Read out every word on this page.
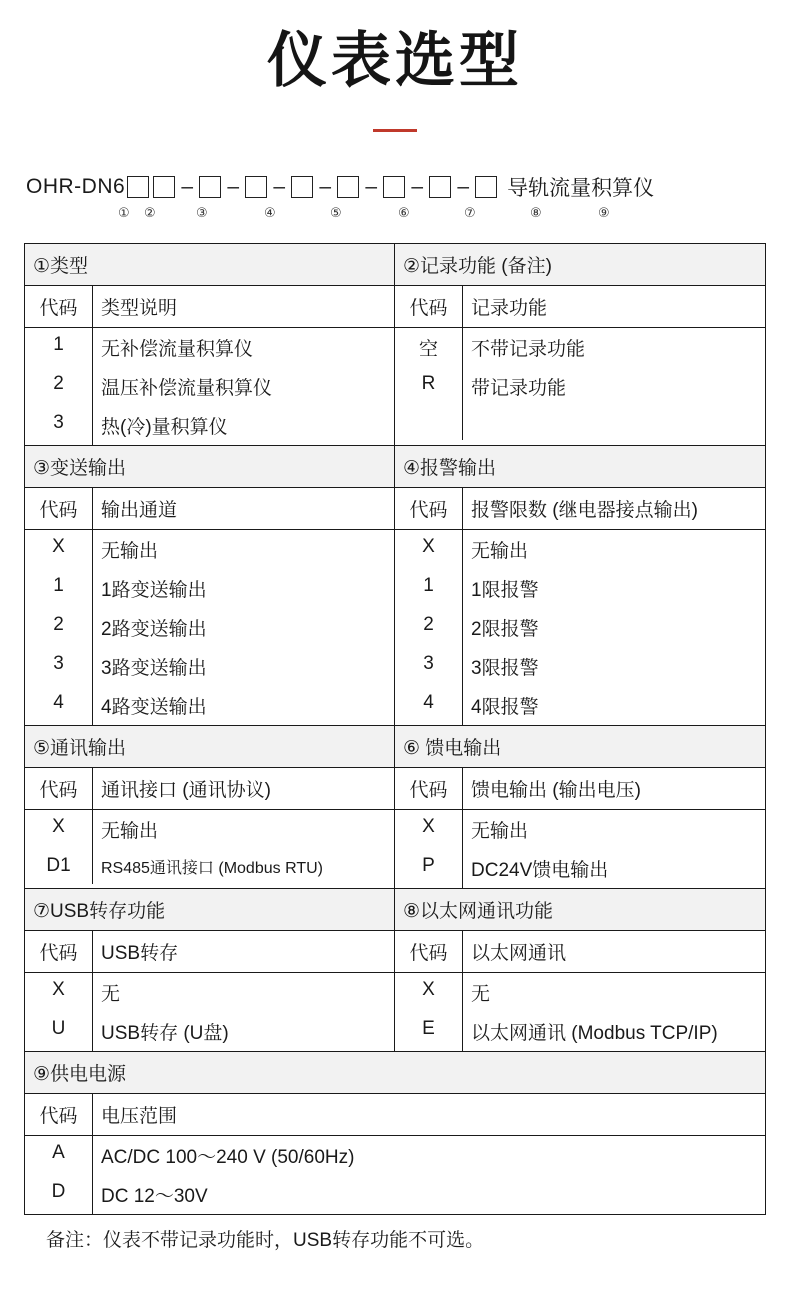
仪表选型
OHR-DN6	– – – – – – – 导轨流量积算仪
① ②	③	④	⑤	⑥	⑦	⑧	⑨
①类型
代码	类型说明
1	无补偿流量积算仪
2	温压补偿流量积算仪
3	热(冷)量积算仪
②记录功能 (备注)
代码	记录功能
空	不带记录功能
R	带记录功能

③变送输出
代码	输出通道
X	无输出
1	1路变送输出
2	2路变送输出
3	3路变送输出
4	4路变送输出
④报警输出
代码	报警限数 (继电器接点输出)
X	无输出
1	1限报警
2	2限报警
3	3限报警
4	4限报警
⑤通讯输出
代码	通讯接口 (通讯协议)
X	无输出
D1	RS485通讯接口 (Modbus RTU)
⑥ 馈电输出
代码	馈电输出 (输出电压)
X	无输出
P	DC24V馈电输出
⑦USB转存功能
代码	USB转存
X	无
U	USB转存 (U盘)
⑧以太网通讯功能
代码	以太网通讯
X	无
E	以太网通讯 (Modbus TCP/IP)
⑨供电电源
代码	电压范围
A	AC/DC 100～240 V (50/60Hz)
D	DC 12～30V
备注：仪表不带记录功能时，USB转存功能不可选。
